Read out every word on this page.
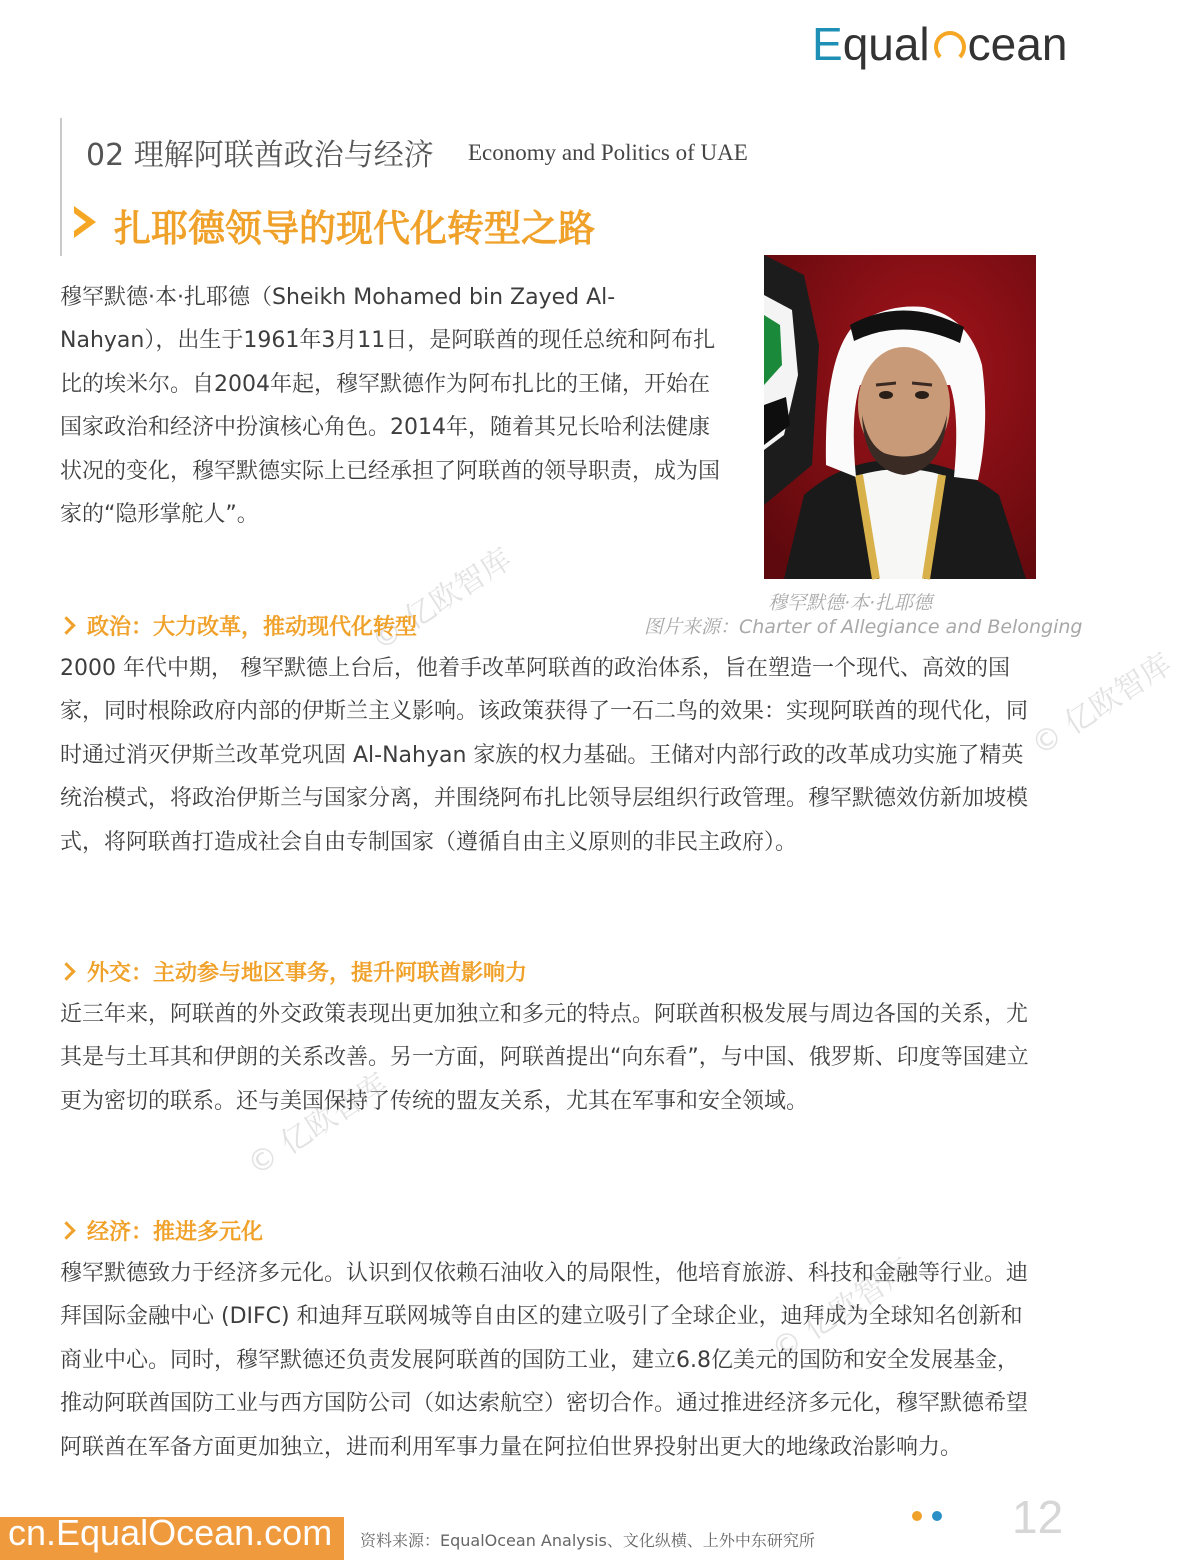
E qual cean
02 理解阿联酋政治与经济 Economy and Politics of UAE
扎耶德领导的现代化转型之路
穆罕默德·本·扎耶德（Sheikh Mohamed bin Zayed Al-Nahyan），出生于1961年3月11日，是阿联酋的现任总统和阿布扎比的埃米尔。自2004年起，穆罕默德作为阿布扎比的王储，开始在国家政治和经济中扮演核心角色。2014年，随着其兄长哈利法健康状况的变化，穆罕默德实际上已经承担了阿联酋的领导职责，成为国家的“隐形掌舵人”。
穆罕默德·本·扎耶德
图片来源：Charter of Allegiance and Belonging
© 亿欧智库
© 亿欧智库
© 亿欧智库
© 亿欧智库
政治：大力改革，推动现代化转型
2000 年代中期， 穆罕默德上台后，他着手改革阿联酋的政治体系，旨在塑造一个现代、高效的国家，同时根除政府内部的伊斯兰主义影响。该政策获得了一石二鸟的效果：实现阿联酋的现代化，同时通过消灭伊斯兰改革党巩固 Al-Nahyan 家族的权力基础。王储对内部行政的改革成功实施了精英统治模式，将政治伊斯兰与国家分离，并围绕阿布扎比领导层组织行政管理。穆罕默德效仿新加坡模式，将阿联酋打造成社会自由专制国家（遵循自由主义原则的非民主政府）。
外交：主动参与地区事务，提升阿联酋影响力
近三年来，阿联酋的外交政策表现出更加独立和多元的特点。阿联酋积极发展与周边各国的关系，尤其是与土耳其和伊朗的关系改善。另一方面，阿联酋提出“向东看”，与中国、俄罗斯、印度等国建立更为密切的联系。还与美国保持了传统的盟友关系，尤其在军事和安全领域。
经济：推进多元化
穆罕默德致力于经济多元化。认识到仅依赖石油收入的局限性，他培育旅游、科技和金融等行业。迪拜国际金融中心 (DIFC) 和迪拜互联网城等自由区的建立吸引了全球企业，迪拜成为全球知名创新和商业中心。同时，穆罕默德还负责发展阿联酋的国防工业，建立6.8亿美元的国防和安全发展基金，推动阿联酋国防工业与西方国防公司（如达索航空）密切合作。通过推进经济多元化，穆罕默德希望阿联酋在军备方面更加独立，进而利用军事力量在阿拉伯世界投射出更大的地缘政治影响力。
cn.EqualOcean.com 资料来源：EqualOcean Analysis、文化纵横、上外中东研究所	12
